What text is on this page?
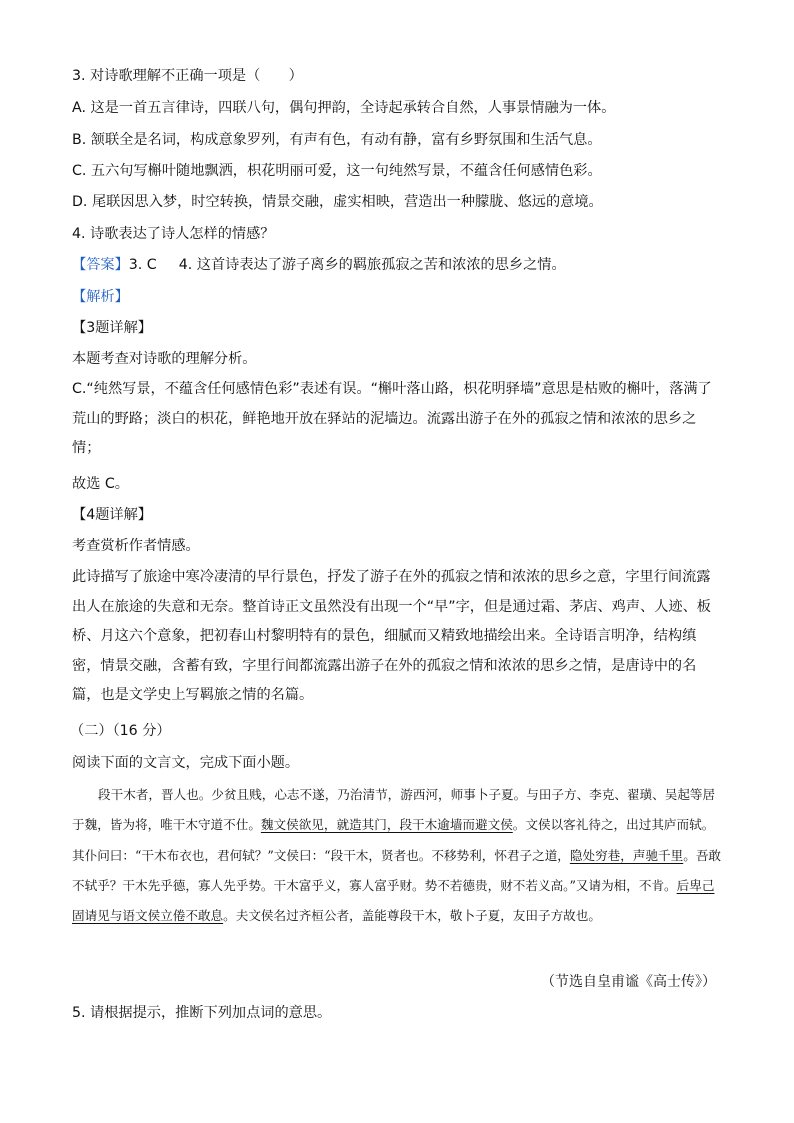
3. 对诗歌理解不正确一项是（　　）
A. 这是一首五言律诗，四联八句，偶句押韵，全诗起承转合自然，人事景情融为一体。
B. 颔联全是名词，构成意象罗列，有声有色，有动有静，富有乡野氛围和生活气息。
C. 五六句写槲叶随地飘洒，枳花明丽可爱，这一句纯然写景，不蕴含任何感情色彩。
D. 尾联因思入梦，时空转换，情景交融，虚实相映，营造出一种朦胧、悠远的意境。
4. 诗歌表达了诗人怎样的情感？
【答案】3. C 4. 这首诗表达了游子离乡的羁旅孤寂之苦和浓浓的思乡之情。
【解析】
【3题详解】
本题考查对诗歌的理解分析。
C.“纯然写景，不蕴含任何感情色彩”表述有误。“槲叶落山路，枳花明驿墙”意思是枯败的槲叶，落满了荒山的野路；淡白的枳花，鲜艳地开放在驿站的泥墙边。流露出游子在外的孤寂之情和浓浓的思乡之情；
故选 C。
【4题详解】
考查赏析作者情感。
此诗描写了旅途中寒冷凄清的早行景色，抒发了游子在外的孤寂之情和浓浓的思乡之意，字里行间流露出人在旅途的失意和无奈。整首诗正文虽然没有出现一个“早”字，但是通过霜、茅店、鸡声、人迹、板桥、月这六个意象，把初春山村黎明特有的景色，细腻而又精致地描绘出来。全诗语言明净，结构缜密，情景交融，含蓄有致，字里行间都流露出游子在外的孤寂之情和浓浓的思乡之情，是唐诗中的名篇，也是文学史上写羁旅之情的名篇。
（二）（16 分）
阅读下面的文言文，完成下面小题。
段干木者，晋人也。少贫且贱，心志不遂，乃治清节，游西河，师事卜子夏。与田子方、李克、翟璜、吴起等居于魏，皆为将，唯干木守道不仕。魏文侯欲见，就造其门，段干木逾墙而避文侯。文侯以客礼待之，出过其庐而轼。其仆问曰：“干木布衣也，君何轼？”文侯曰：“段干木，贤者也。不移势利，怀君子之道，隐处穷巷，声驰千里。吾敢不轼乎？干木先乎德，寡人先乎势。干木富乎义，寡人富乎财。势不若德贵，财不若义高。”又请为相，不肯。后卑己固请见与语文侯立倦不敢息。夫文侯名过齐桓公者，盖能尊段干木，敬卜子夏，友田子方故也。
（节选自皇甫谧《高士传》）
5. 请根据提示，推断下列加点词的意思。
